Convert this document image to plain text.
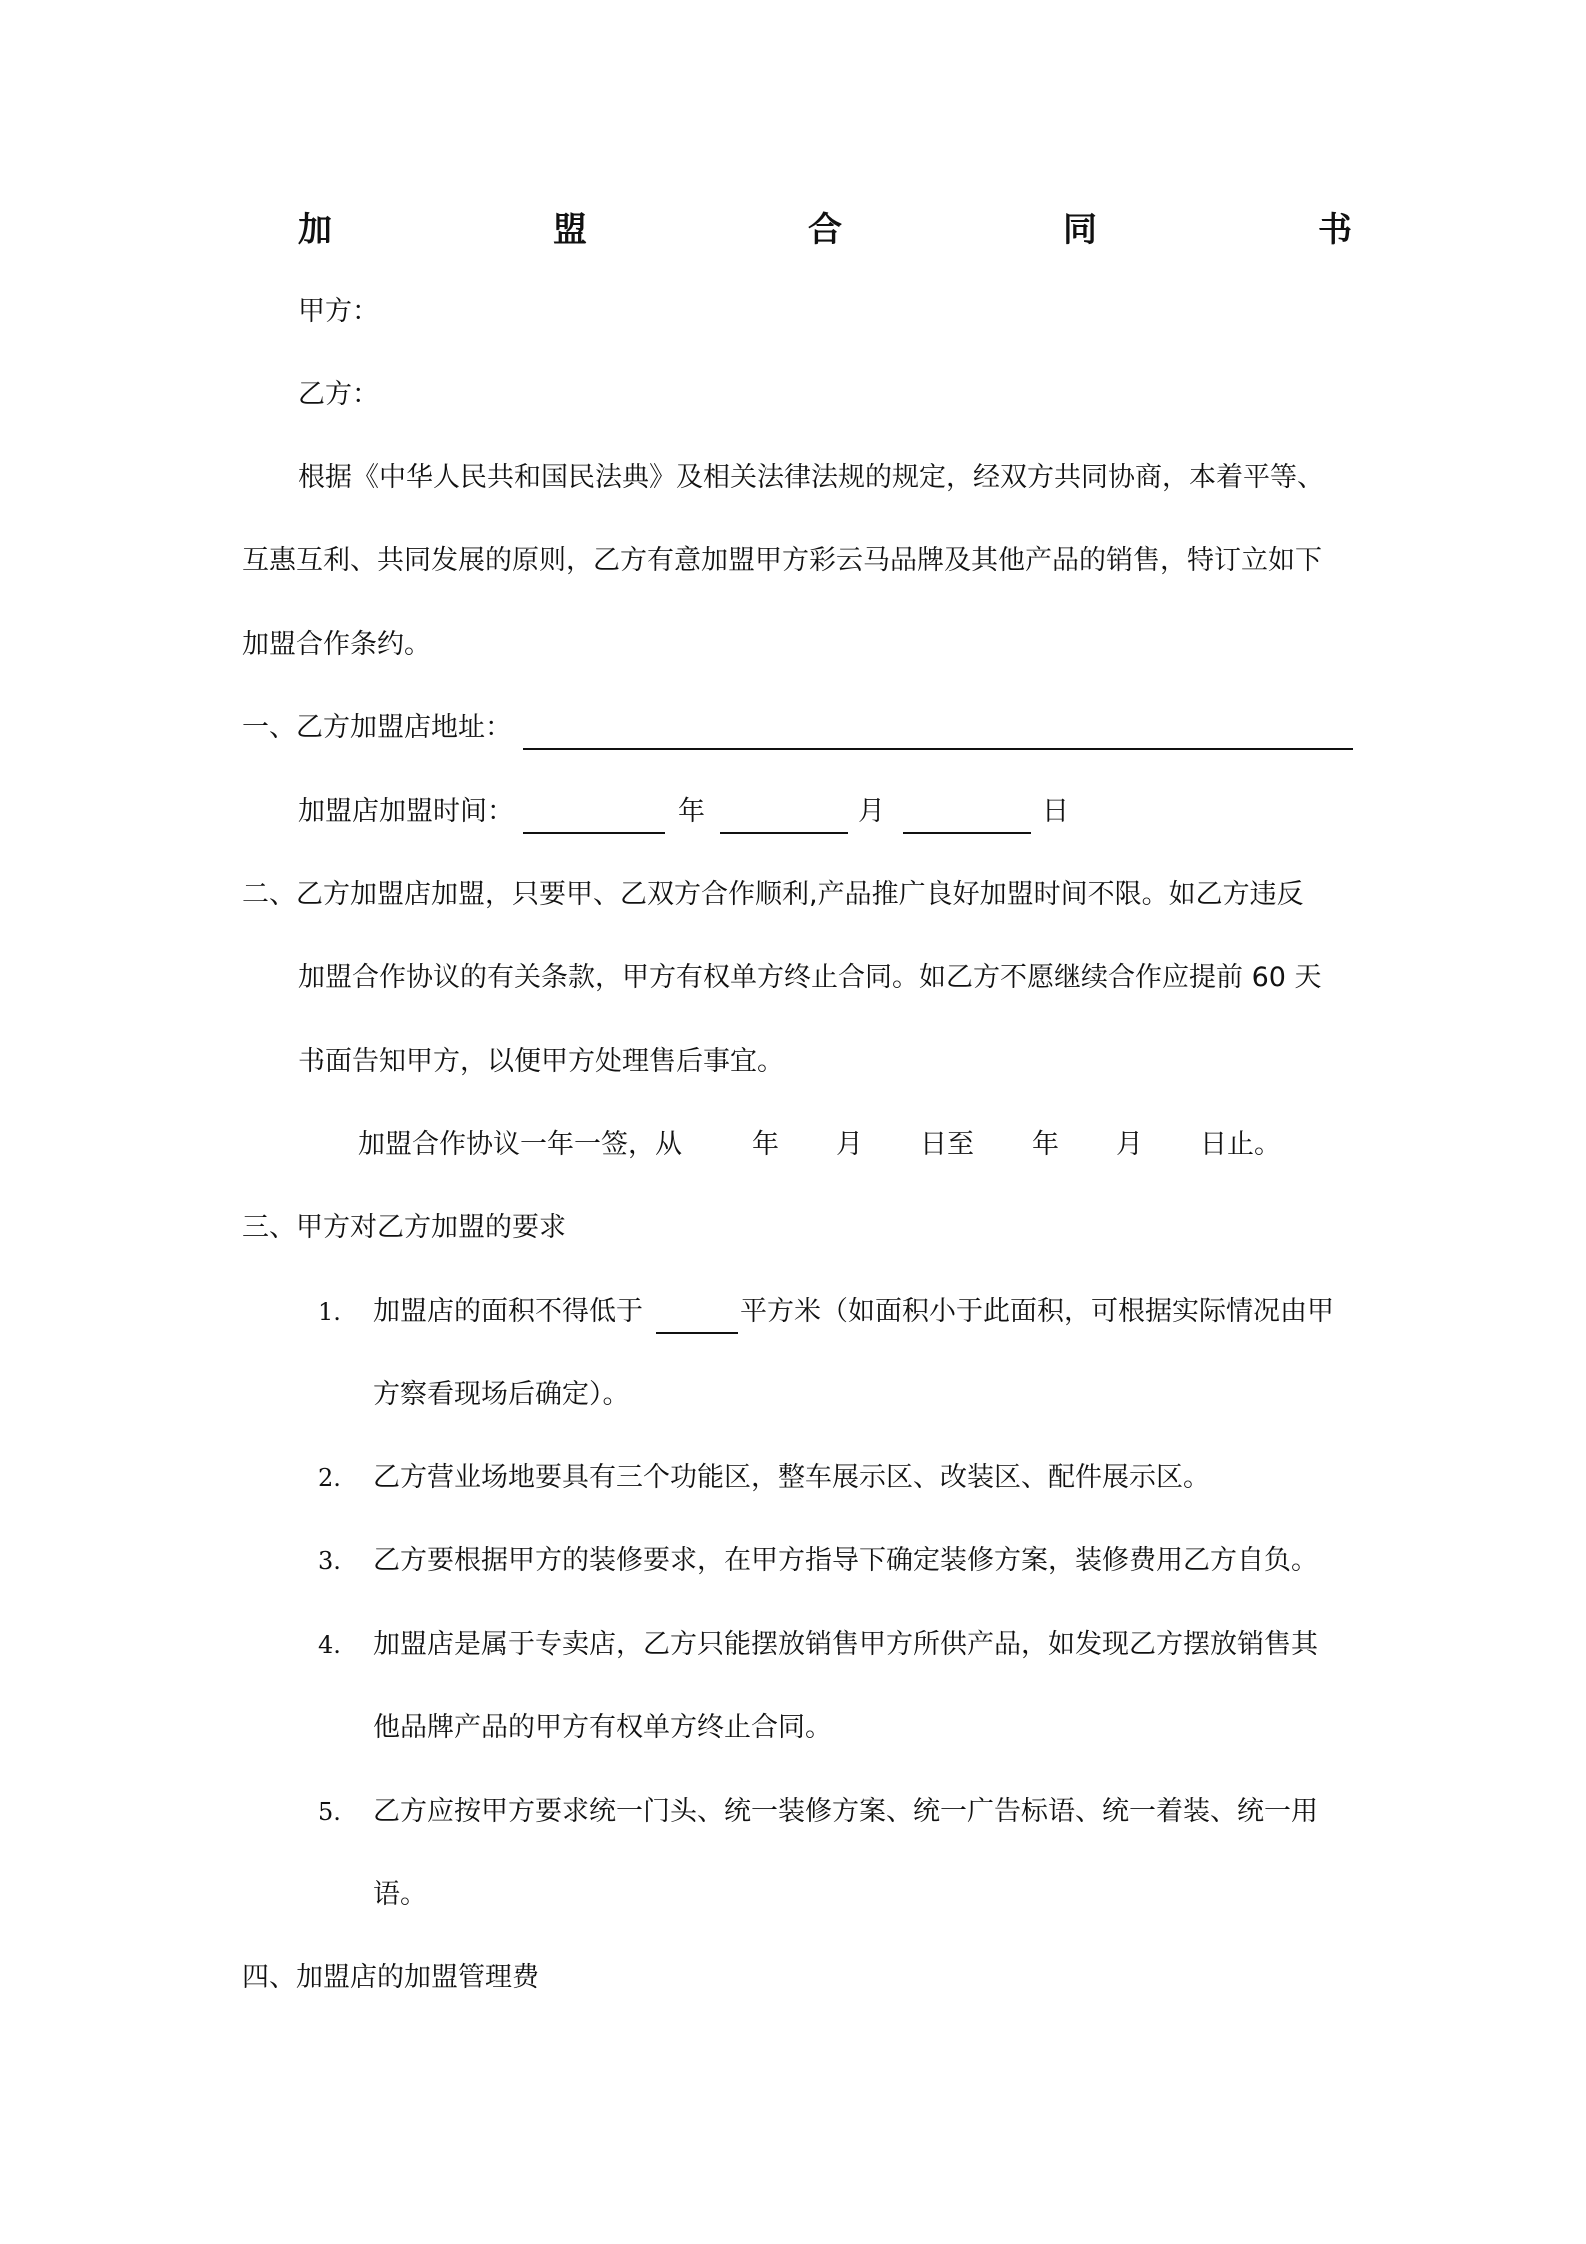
加	盟	合	同	书
甲方：
乙方：
根据《中华人民共和国民法典》及相关法律法规的规定，经双方共同协商，本着平等、
互惠互利、共同发展的原则，乙方有意加盟甲方彩云马品牌及其他产品的销售，特订立如下
加盟合作条约。
一、乙方加盟店地址：
加盟店加盟时间：	年	月	日
二、乙方加盟店加盟，只要甲、乙双方合作顺利,产品推广良好加盟时间不限。如乙方违反
加盟合作协议的有关条款，甲方有权单方终止合同。如乙方不愿继续合作应提前 60 天
书面告知甲方，以便甲方处理售后事宜。
加盟合作协议一年一签，从	年 月 日至 年 月 日止。
三、甲方对乙方加盟的要求
1. 加盟店的面积不得低于	平方米（如面积小于此面积，可根据实际情况由甲
方察看现场后确定）。
2. 乙方营业场地要具有三个功能区，整车展示区、改装区、配件展示区。
3. 乙方要根据甲方的装修要求，在甲方指导下确定装修方案，装修费用乙方自负。
4. 加盟店是属于专卖店，乙方只能摆放销售甲方所供产品，如发现乙方摆放销售其
他品牌产品的甲方有权单方终止合同。
5. 乙方应按甲方要求统一门头、统一装修方案、统一广告标语、统一着装、统一用
语。
四、加盟店的加盟管理费
